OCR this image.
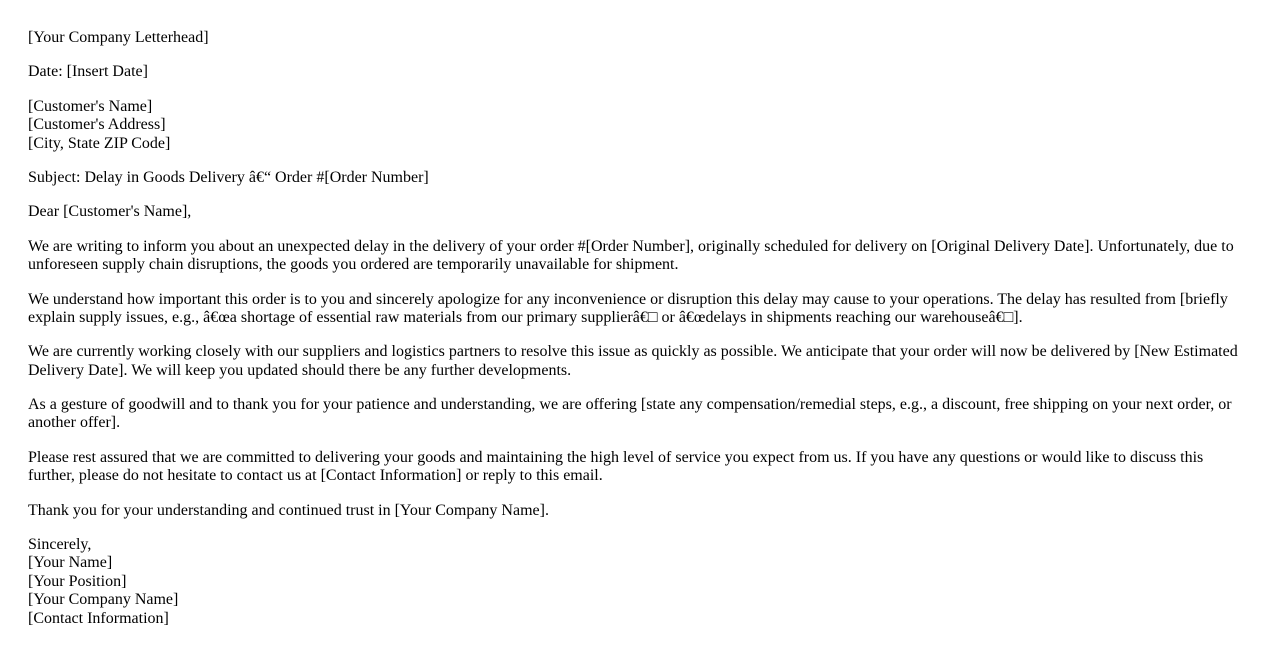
[Your Company Letterhead]

Date: [Insert Date]

[Customer's Name]
[Customer's Address]
[City, State ZIP Code]

Subject: Delay in Goods Delivery â€“ Order #[Order Number]

Dear [Customer's Name],

We are writing to inform you about an unexpected delay in the delivery of your order #[Order Number], originally scheduled for delivery on [Original Delivery Date]. Unfortunately, due to unforeseen supply chain disruptions, the goods you ordered are temporarily unavailable for shipment.

We understand how important this order is to you and sincerely apologize for any inconvenience or disruption this delay may cause to your operations. The delay has resulted from [briefly explain supply issues, e.g., â€œa shortage of essential raw materials from our primary supplierâ€□ or â€œdelays in shipments reaching our warehouseâ€□].

We are currently working closely with our suppliers and logistics partners to resolve this issue as quickly as possible. We anticipate that your order will now be delivered by [New Estimated Delivery Date]. We will keep you updated should there be any further developments.

As a gesture of goodwill and to thank you for your patience and understanding, we are offering [state any compensation/remedial steps, e.g., a discount, free shipping on your next order, or another offer].

Please rest assured that we are committed to delivering your goods and maintaining the high level of service you expect from us. If you have any questions or would like to discuss this further, please do not hesitate to contact us at [Contact Information] or reply to this email.

Thank you for your understanding and continued trust in [Your Company Name].

Sincerely,
[Your Name]
[Your Position]
[Your Company Name]
[Contact Information]
